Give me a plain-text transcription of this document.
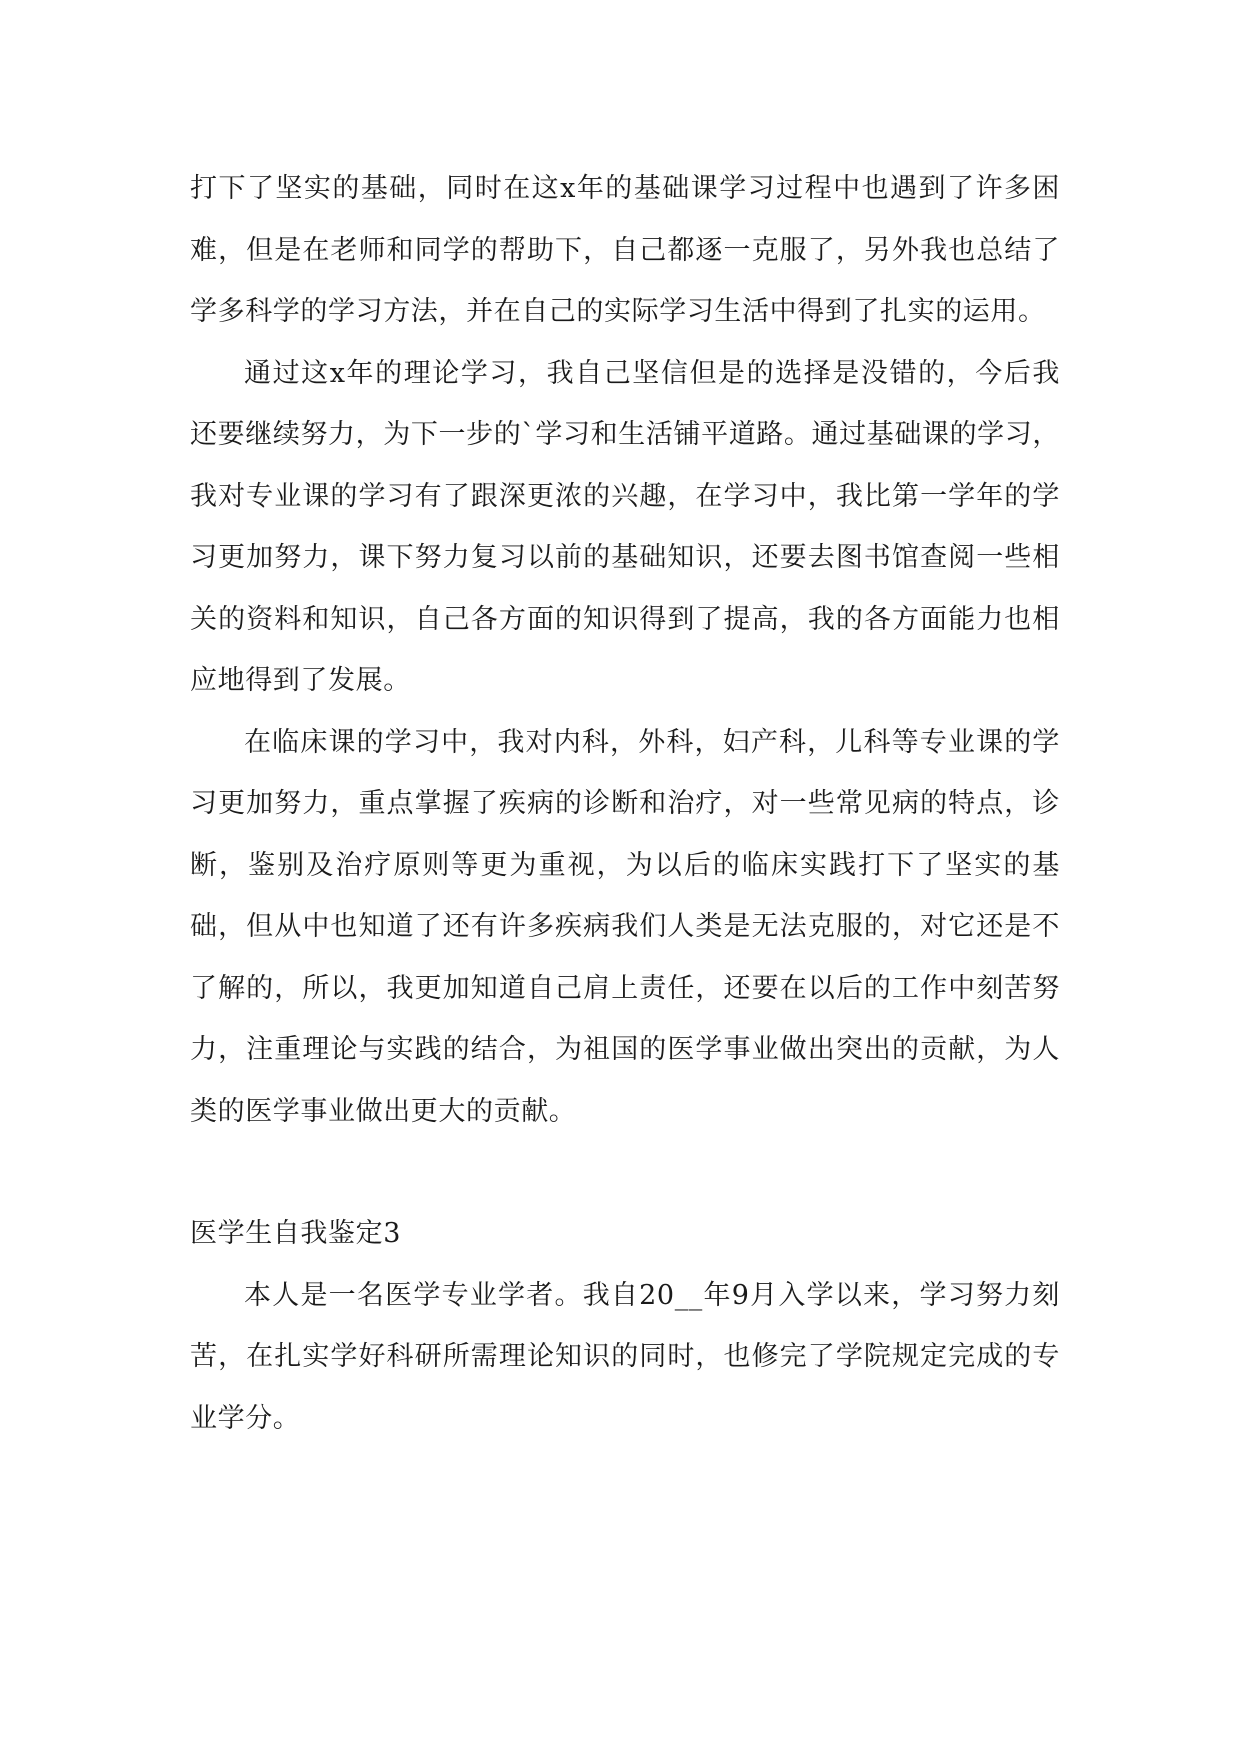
打下了坚实的基础，同时在这x年的基础课学习过程中也遇到了许多困难，但是在老师和同学的帮助下，自己都逐一克服了，另外我也总结了学多科学的学习方法，并在自己的实际学习生活中得到了扎实的运用。

通过这x年的理论学习，我自己坚信但是的选择是没错的，今后我还要继续努力，为下一步的`学习和生活铺平道路。通过基础课的学习，我对专业课的学习有了跟深更浓的兴趣，在学习中，我比第一学年的学习更加努力，课下努力复习以前的基础知识，还要去图书馆查阅一些相关的资料和知识，自己各方面的知识得到了提高，我的各方面能力也相应地得到了发展。

在临床课的学习中，我对内科，外科，妇产科，儿科等专业课的学习更加努力，重点掌握了疾病的诊断和治疗，对一些常见病的特点，诊断，鉴别及治疗原则等更为重视，为以后的临床实践打下了坚实的基础，但从中也知道了还有许多疾病我们人类是无法克服的，对它还是不了解的，所以，我更加知道自己肩上责任，还要在以后的工作中刻苦努力，注重理论与实践的结合，为祖国的医学事业做出突出的贡献，为人类的医学事业做出更大的贡献。

医学生自我鉴定3

本人是一名医学专业学者。我自20__年9月入学以来，学习努力刻苦，在扎实学好科研所需理论知识的同时，也修完了学院规定完成的专业学分。
